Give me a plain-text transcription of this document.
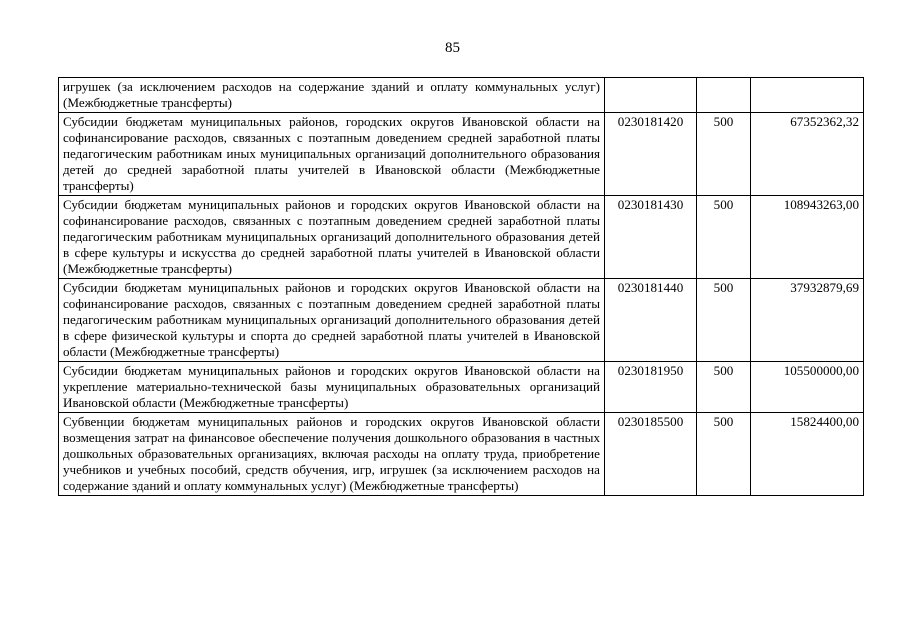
85
игрушек (за исключением расходов на содержание зданий и оплату коммунальных услуг) (Межбюджетные трансферты)			
Субсидии бюджетам муниципальных районов, городских округов Ивановской области на софинансирование расходов, связанных с поэтапным доведением средней заработной платы педагогическим работникам иных муниципальных организаций дополнительного образования детей до средней заработной платы учителей в Ивановской области (Межбюджетные трансферты)	0230181420	500	67352362,32
Субсидии бюджетам муниципальных районов и городских округов Ивановской области на софинансирование расходов, связанных с поэтапным доведением средней заработной платы педагогическим работникам муниципальных организаций дополнительного образования детей в сфере культуры и искусства до средней заработной платы учителей в Ивановской области (Межбюджетные трансферты)	0230181430	500	108943263,00
Субсидии бюджетам муниципальных районов и городских округов Ивановской области на софинансирование расходов, связанных с поэтапным доведением средней заработной платы педагогическим работникам муниципальных организаций дополнительного образования детей в сфере физической культуры и спорта до средней заработной платы учителей в Ивановской области (Межбюджетные трансферты)	0230181440	500	37932879,69
Субсидии бюджетам муниципальных районов и городских округов Ивановской области на укрепление материально-технической базы муниципальных образовательных организаций Ивановской области (Межбюджетные трансферты)	0230181950	500	105500000,00
Субвенции бюджетам муниципальных районов и городских округов Ивановской области возмещения затрат на финансовое обеспечение получения дошкольного образования в частных дошкольных образовательных организациях, включая расходы на оплату труда, приобретение учебников и учебных пособий, средств обучения, игр, игрушек (за исключением расходов на содержание зданий и оплату коммунальных услуг) (Межбюджетные трансферты)	0230185500	500	15824400,00
